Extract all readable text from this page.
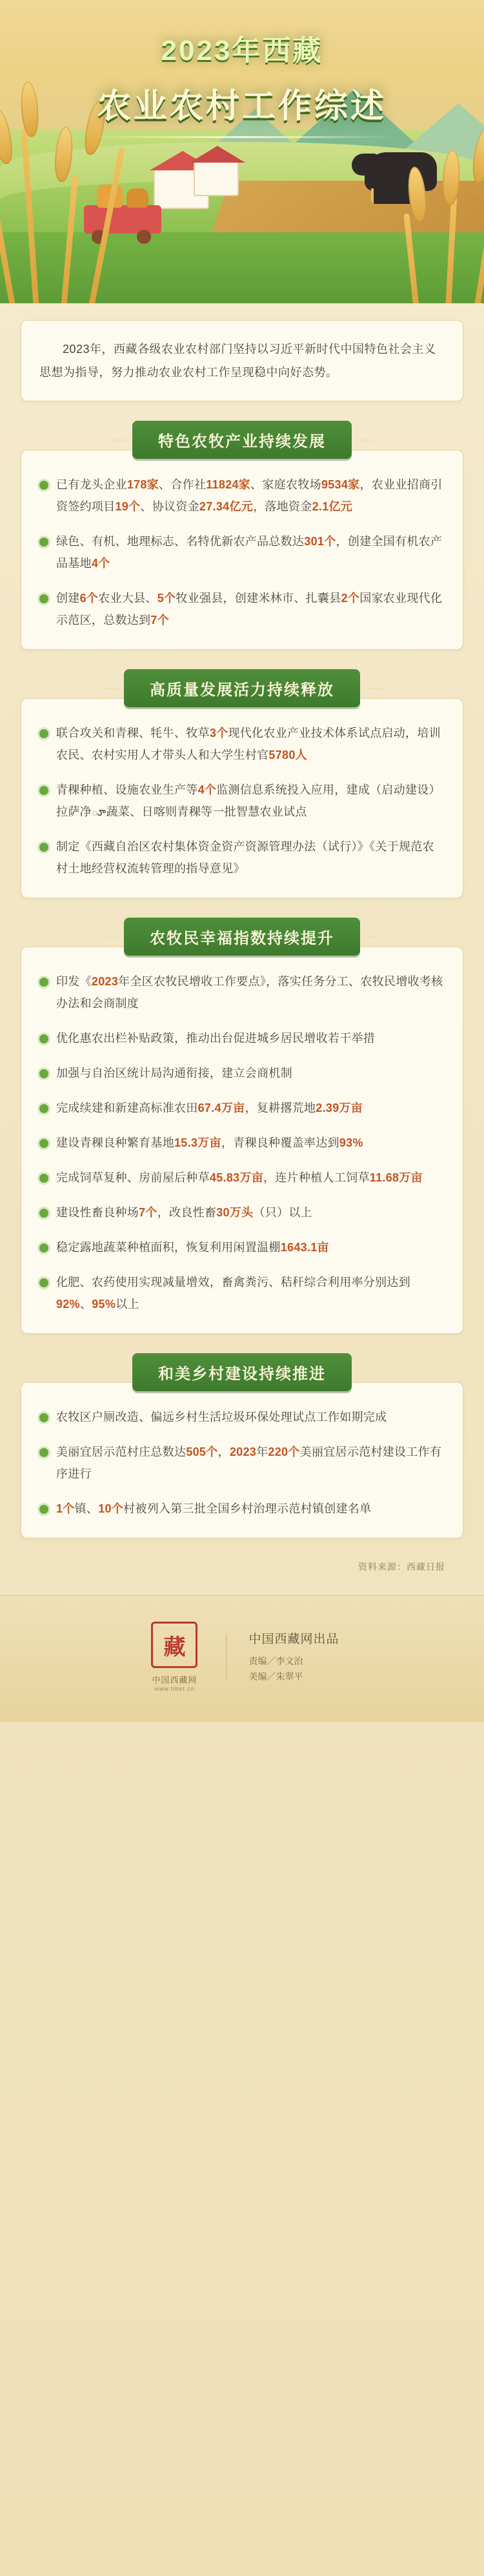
2023年西藏
农业农村工作综述

2023年，西藏各级农业农村部门坚持以习近平新时代中国特色社会主义思想为指导，努力推动农业农村工作呈现稳中向好态势。

特色农牧产业持续发展
已有龙头企业178家、合作社11824家、家庭农牧场9534家，农业业招商引资签约项目19个、协议资金27.34亿元，落地资金2.1亿元
绿色、有机、地理标志、名特优新农产品总数达301个，创建全国有机农产品基地4个
创建6个农业大县、5个牧业强县，创建米林市、扎囊县2个国家农业现代化示范区，总数达到7个
高质量发展活力持续释放
联合攻关和青稞、牦牛、牧草3个现代化农业产业技术体系试点启动，培训农民、农村实用人才带头人和大学生村官5780人
青稞种植、设施农业生产等4个监测信息系统投入应用，建成（启动建设）拉萨净ూ蔬菜、日喀则青稞等一批智慧农业试点
制定《西藏自治区农村集体资金资产资源管理办法（试行）》《关于规范农村土地经营权流转管理的指导意见》
农牧民幸福指数持续提升
印发《2023年全区农牧民增收工作要点》，落实任务分工、农牧民增收考核办法和会商制度
优化惠农出栏补贴政策，推动出台促进城乡居民增收若干举措
加强与自治区统计局沟通衔接，建立会商机制
完成续建和新建高标准农田67.4万亩，复耕撂荒地2.39万亩
建设青稞良种繁育基地15.3万亩，青稞良种覆盖率达到93%
完成饲草复种、房前屋后种草45.83万亩，连片种植人工饲草11.68万亩
建设性畜良种场7个，改良性畜30万头（只）以上
稳定露地蔬菜种植面积，恢复利用闲置温棚1643.1亩
化肥、农药使用实现减量增效，畜禽粪污、秸秆综合利用率分别达到92%、95%以上
和美乡村建设持续推进
农牧区户厕改造、偏远乡村生活垃圾环保处理试点工作如期完成
美丽宜居示范村庄总数达505个，2023年220个美丽宜居示范村建设工作有序进行
1个镇、10个村被列入第三批全国乡村治理示范村镇创建名单
资料来源：西藏日报
藏
中国西藏网
www.tibet.cn
中国西藏网出品
责编／李文治
美编／朱翠平
